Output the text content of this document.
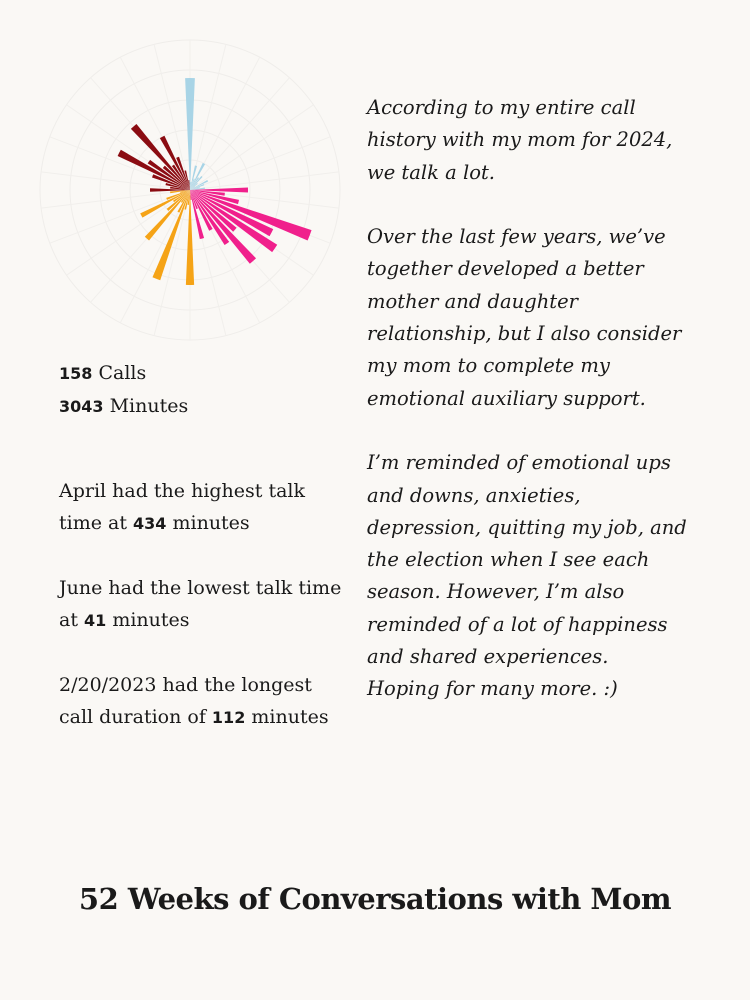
158 Calls
3043 Minutes

April had the highest talk time at 434 minutes

June had the lowest talk time at 41 minutes

2/20/2023 had the longest call duration of 112 minutes

According to my entire call history with my mom for 2024, we talk a lot.

Over the last few years, we’ve together developed a better mother and daughter relationship, but I also consider my mom to complete my emotional auxiliary support.

I’m reminded of emotional ups and downs, anxieties, depression, quitting my job, and the election when I see each season. However, I’m also reminded of a lot of happiness and shared experiences. Hoping for many more. :)

52 Weeks of Conversations with Mom
